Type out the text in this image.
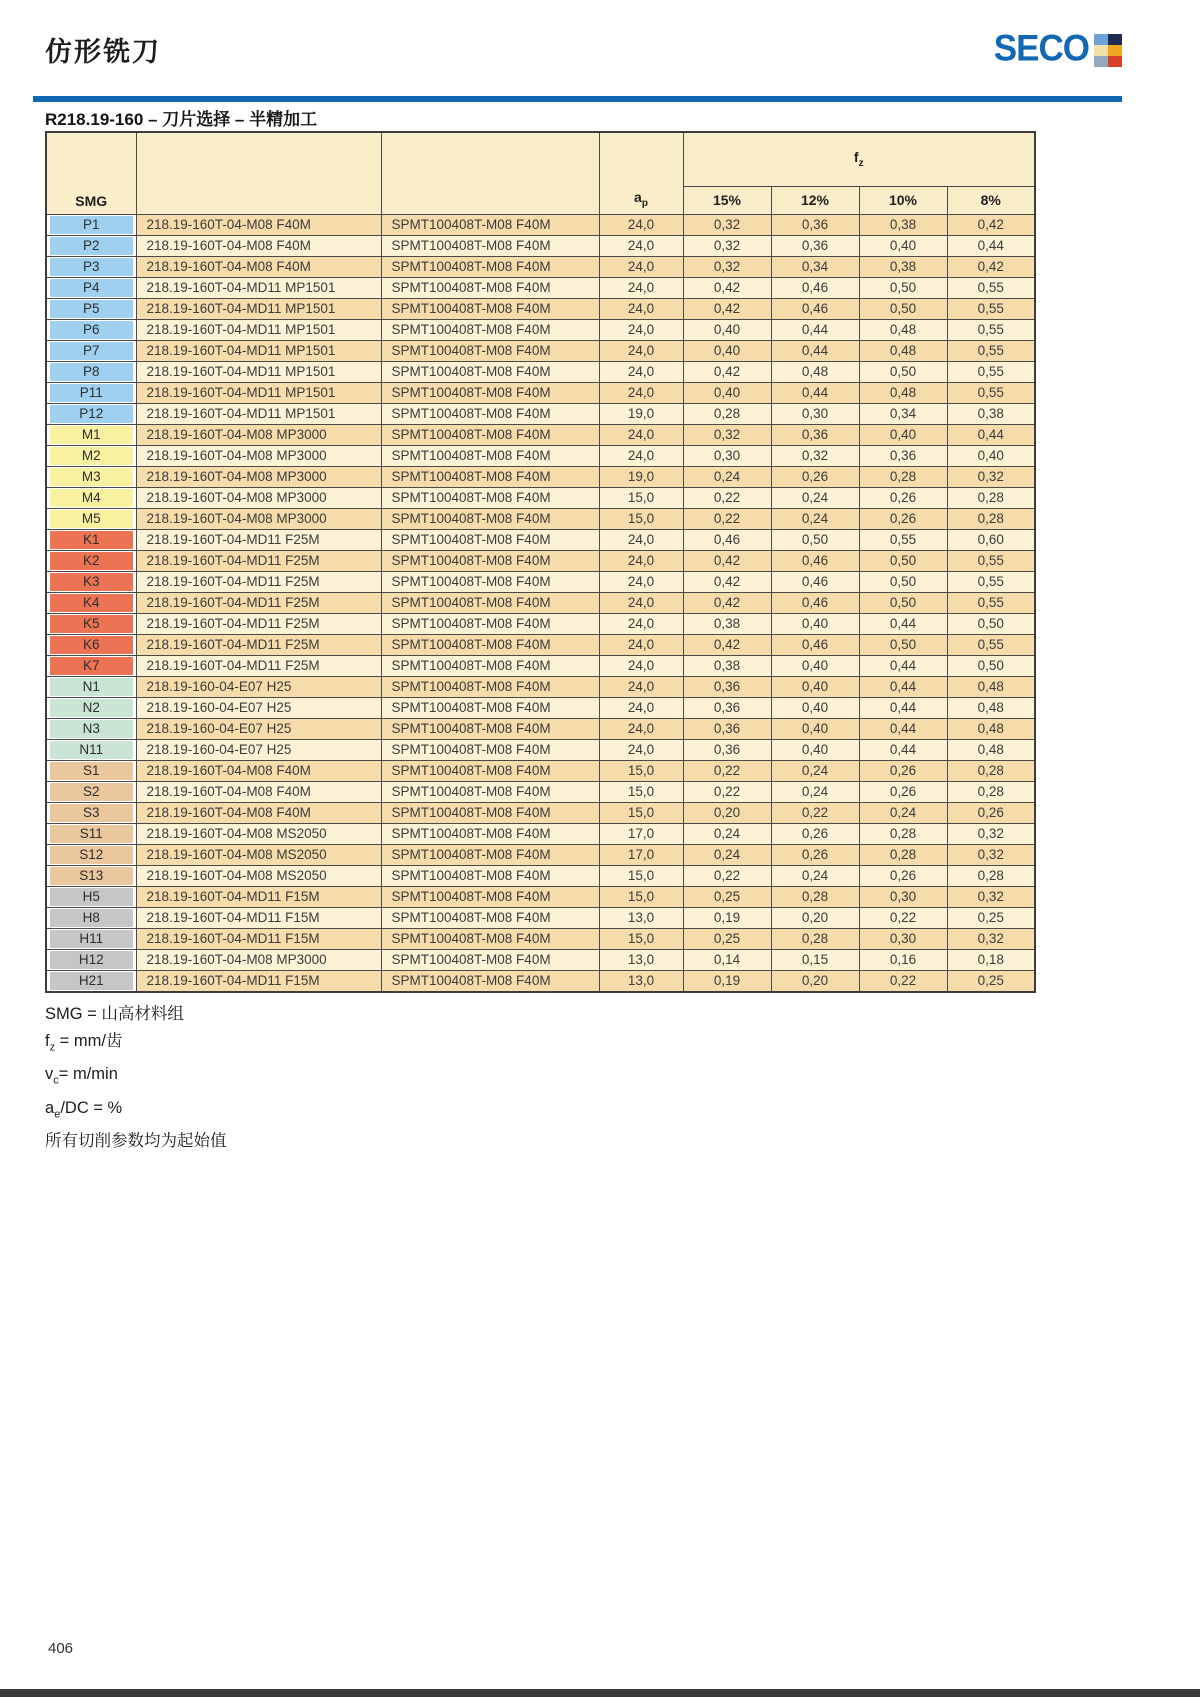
仿形铣刀	SECO
R218.19-160 – 刀片选择 – 半精加工
SMG			$a_p$	$f_z$
				15%	12%	10%	8%

P1	218.19-160T-04-M08 F40M	SPMT100408T-M08 F40M	24,0	0,32	0,36	0,38	0,42

P2	218.19-160T-04-M08 F40M	SPMT100408T-M08 F40M	24,0	0,32	0,36	0,40	0,44

P3	218.19-160T-04-M08 F40M	SPMT100408T-M08 F40M	24,0	0,32	0,34	0,38	0,42

P4	218.19-160T-04-MD11 MP1501	SPMT100408T-M08 F40M	24,0	0,42	0,46	0,50	0,55

P5	218.19-160T-04-MD11 MP1501	SPMT100408T-M08 F40M	24,0	0,42	0,46	0,50	0,55

P6	218.19-160T-04-MD11 MP1501	SPMT100408T-M08 F40M	24,0	0,40	0,44	0,48	0,55

P7	218.19-160T-04-MD11 MP1501	SPMT100408T-M08 F40M	24,0	0,40	0,44	0,48	0,55

P8	218.19-160T-04-MD11 MP1501	SPMT100408T-M08 F40M	24,0	0,42	0,48	0,50	0,55

P11	218.19-160T-04-MD11 MP1501	SPMT100408T-M08 F40M	24,0	0,40	0,44	0,48	0,55

P12	218.19-160T-04-MD11 MP1501	SPMT100408T-M08 F40M	19,0	0,28	0,30	0,34	0,38

M1	218.19-160T-04-M08 MP3000	SPMT100408T-M08 F40M	24,0	0,32	0,36	0,40	0,44

M2	218.19-160T-04-M08 MP3000	SPMT100408T-M08 F40M	24,0	0,30	0,32	0,36	0,40

M3	218.19-160T-04-M08 MP3000	SPMT100408T-M08 F40M	19,0	0,24	0,26	0,28	0,32

M4	218.19-160T-04-M08 MP3000	SPMT100408T-M08 F40M	15,0	0,22	0,24	0,26	0,28

M5	218.19-160T-04-M08 MP3000	SPMT100408T-M08 F40M	15,0	0,22	0,24	0,26	0,28

K1	218.19-160T-04-MD11 F25M	SPMT100408T-M08 F40M	24,0	0,46	0,50	0,55	0,60

K2	218.19-160T-04-MD11 F25M	SPMT100408T-M08 F40M	24,0	0,42	0,46	0,50	0,55

K3	218.19-160T-04-MD11 F25M	SPMT100408T-M08 F40M	24,0	0,42	0,46	0,50	0,55

K4	218.19-160T-04-MD11 F25M	SPMT100408T-M08 F40M	24,0	0,42	0,46	0,50	0,55

K5	218.19-160T-04-MD11 F25M	SPMT100408T-M08 F40M	24,0	0,38	0,40	0,44	0,50

K6	218.19-160T-04-MD11 F25M	SPMT100408T-M08 F40M	24,0	0,42	0,46	0,50	0,55

K7	218.19-160T-04-MD11 F25M	SPMT100408T-M08 F40M	24,0	0,38	0,40	0,44	0,50

N1	218.19-160-04-E07 H25	SPMT100408T-M08 F40M	24,0	0,36	0,40	0,44	0,48

N2	218.19-160-04-E07 H25	SPMT100408T-M08 F40M	24,0	0,36	0,40	0,44	0,48

N3	218.19-160-04-E07 H25	SPMT100408T-M08 F40M	24,0	0,36	0,40	0,44	0,48

N11	218.19-160-04-E07 H25	SPMT100408T-M08 F40M	24,0	0,36	0,40	0,44	0,48

S1	218.19-160T-04-M08 F40M	SPMT100408T-M08 F40M	15,0	0,22	0,24	0,26	0,28

S2	218.19-160T-04-M08 F40M	SPMT100408T-M08 F40M	15,0	0,22	0,24	0,26	0,28

S3	218.19-160T-04-M08 F40M	SPMT100408T-M08 F40M	15,0	0,20	0,22	0,24	0,26

S11	218.19-160T-04-M08 MS2050	SPMT100408T-M08 F40M	17,0	0,24	0,26	0,28	0,32

S12	218.19-160T-04-M08 MS2050	SPMT100408T-M08 F40M	17,0	0,24	0,26	0,28	0,32

S13	218.19-160T-04-M08 MS2050	SPMT100408T-M08 F40M	15,0	0,22	0,24	0,26	0,28

H5	218.19-160T-04-MD11 F15M	SPMT100408T-M08 F40M	15,0	0,25	0,28	0,30	0,32

H8	218.19-160T-04-MD11 F15M	SPMT100408T-M08 F40M	13,0	0,19	0,20	0,22	0,25

H11	218.19-160T-04-MD11 F15M	SPMT100408T-M08 F40M	15,0	0,25	0,28	0,30	0,32

H12	218.19-160T-04-M08 MP3000	SPMT100408T-M08 F40M	13,0	0,14	0,15	0,16	0,18

H21	218.19-160T-04-MD11 F15M	SPMT100408T-M08 F40M	13,0	0,19	0,20	0,22	0,25
SMG = 山高材料组
$f_z = mm/$齿
$v_c= m/\min$
$a_e/DC$ = %
所有切削参数均为起始值
406
